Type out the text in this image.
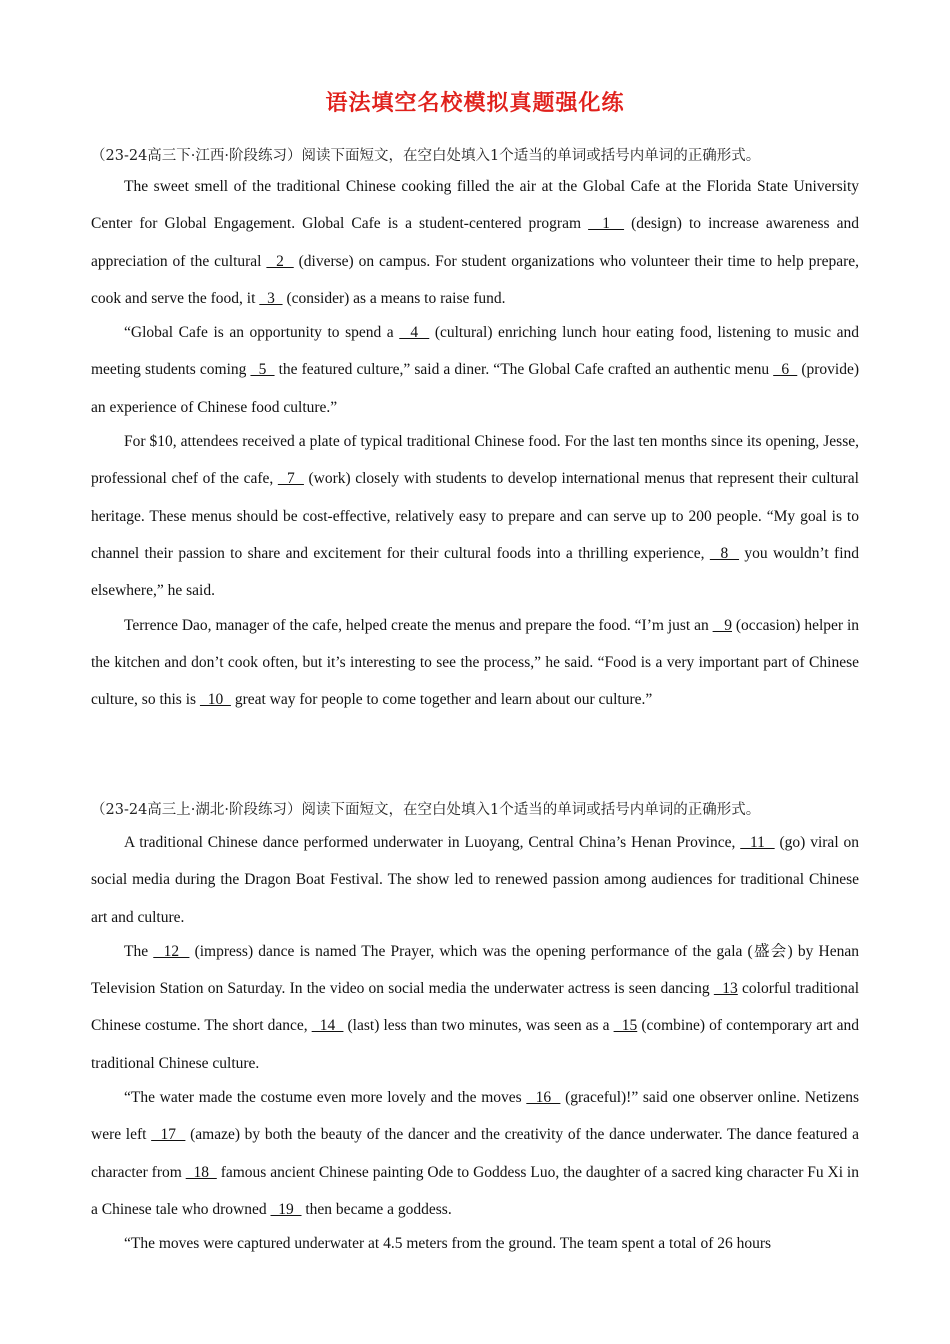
语法填空名校模拟真题强化练
（23-24高三下·江西·阶段练习）阅读下面短文，在空白处填入1个适当的单词或括号内单词的正确形式。

The sweet smell of the traditional Chinese cooking filled the air at the Global Cafe at the Florida State University Center for Global Engagement. Global Cafe is a student-centered program   1   (design) to increase awareness and appreciation of the cultural   2   (diverse) on campus. For student organizations who volunteer their time to help prepare, cook and serve the food, it   3   (consider) as a means to raise fund.

“Global Cafe is an opportunity to spend a   4   (cultural) enriching lunch hour eating food, listening to music and meeting students coming   5   the featured culture,” said a diner. “The Global Cafe crafted an authentic menu   6   (provide) an experience of Chinese food culture.”

For $10, attendees received a plate of typical traditional Chinese food. For the last ten months since its opening, Jesse, professional chef of the cafe,   7   (work) closely with students to develop international menus that represent their cultural heritage. These menus should be cost-effective, relatively easy to prepare and can serve up to 200 people. “My goal is to channel their passion to share and excitement for their cultural foods into a thrilling experience,   8   you wouldn’t find elsewhere,” he said.

Terrence Dao, manager of the cafe, helped create the menus and prepare the food. “I’m just an    9 (occasion) helper in the kitchen and don’t cook often, but it’s interesting to see the process,” he said. “Food is a very important part of Chinese culture, so this is   10   great way for people to come together and learn about our culture.”

（23-24高三上·湖北·阶段练习）阅读下面短文，在空白处填入1个适当的单词或括号内单词的正确形式。

A traditional Chinese dance performed underwater in Luoyang, Central China’s Henan Province,   11   (go) viral on social media during the Dragon Boat Festival. The show led to renewed passion among audiences for traditional Chinese art and culture.

The   12   (impress) dance is named The Prayer, which was the opening performance of the gala (盛会) by Henan Television Station on Saturday. In the video on social media the underwater actress is seen dancing   13 colorful traditional Chinese costume. The short dance,   14   (last) less than two minutes, was seen as a   15 (combine) of contemporary art and traditional Chinese culture.

“The water made the costume even more lovely and the moves   16   (graceful)!” said one observer online. Netizens were left   17   (amaze) by both the beauty of the dancer and the creativity of the dance underwater. The dance featured a character from   18   famous ancient Chinese painting Ode to Goddess Luo, the daughter of a sacred king character Fu Xi in a Chinese tale who drowned   19   then became a goddess.

“The moves were captured underwater at 4.5 meters from the ground. The team spent a total of 26 hours
